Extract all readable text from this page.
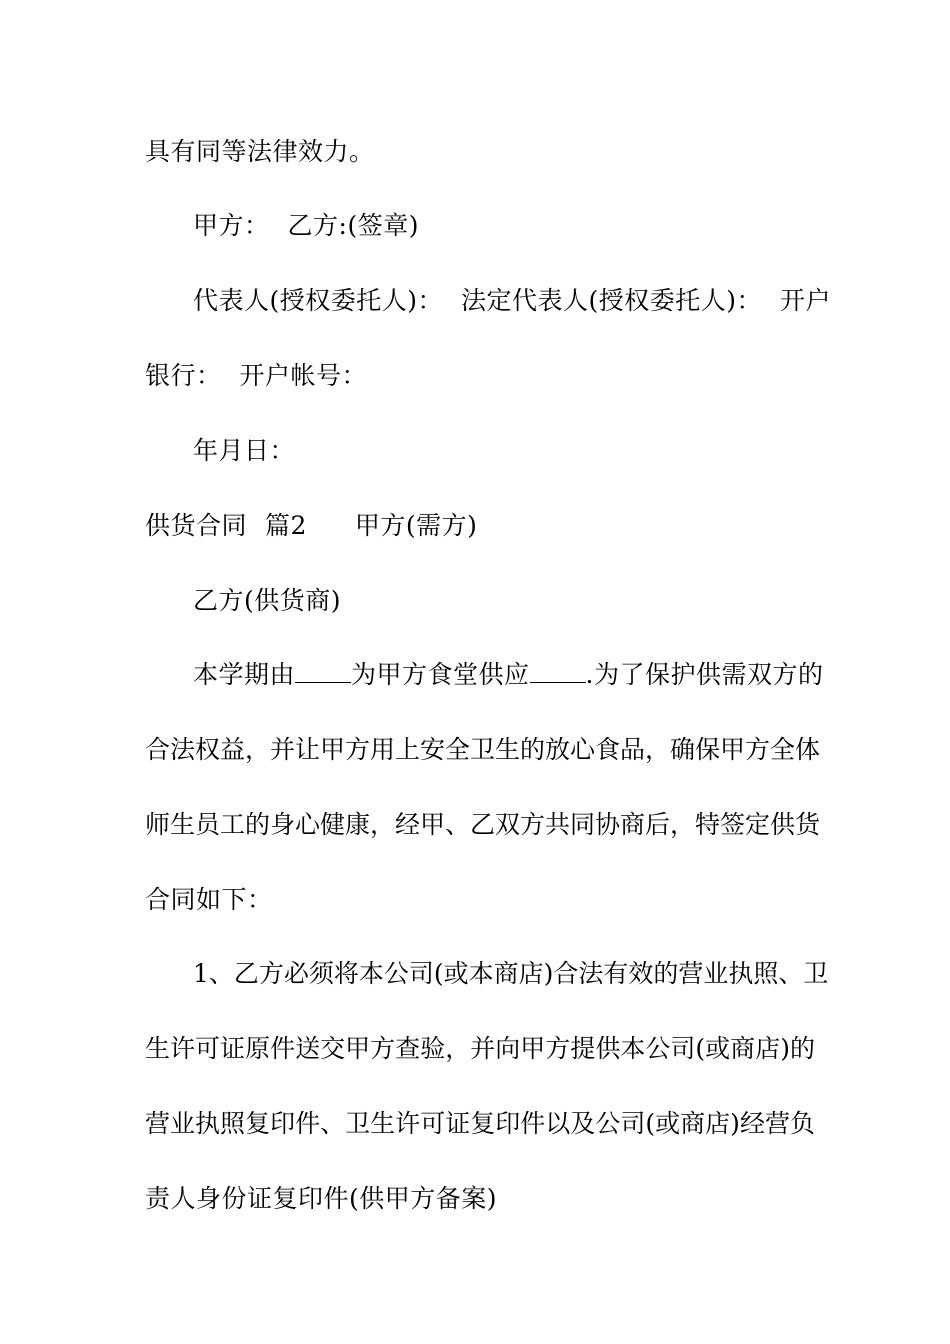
具有同等法律效力。
甲方： 乙方:(签章)
代表人(授权委托人)： 法定代表人(授权委托人)： 开户
银行： 开户帐号：
年月日：
供货合同 篇2 甲方(需方)
乙方(供货商)
本学期由 为甲方食堂供应 .为了保护供需双方的
合法权益，并让甲方用上安全卫生的放心食品，确保甲方全体
师生员工的身心健康，经甲、乙双方共同协商后，特签定供货
合同如下：
1、乙方必须将本公司(或本商店)合法有效的营业执照、卫
生许可证原件送交甲方查验，并向甲方提供本公司(或商店)的
营业执照复印件、卫生许可证复印件以及公司(或商店)经营负
责人身份证复印件(供甲方备案)
